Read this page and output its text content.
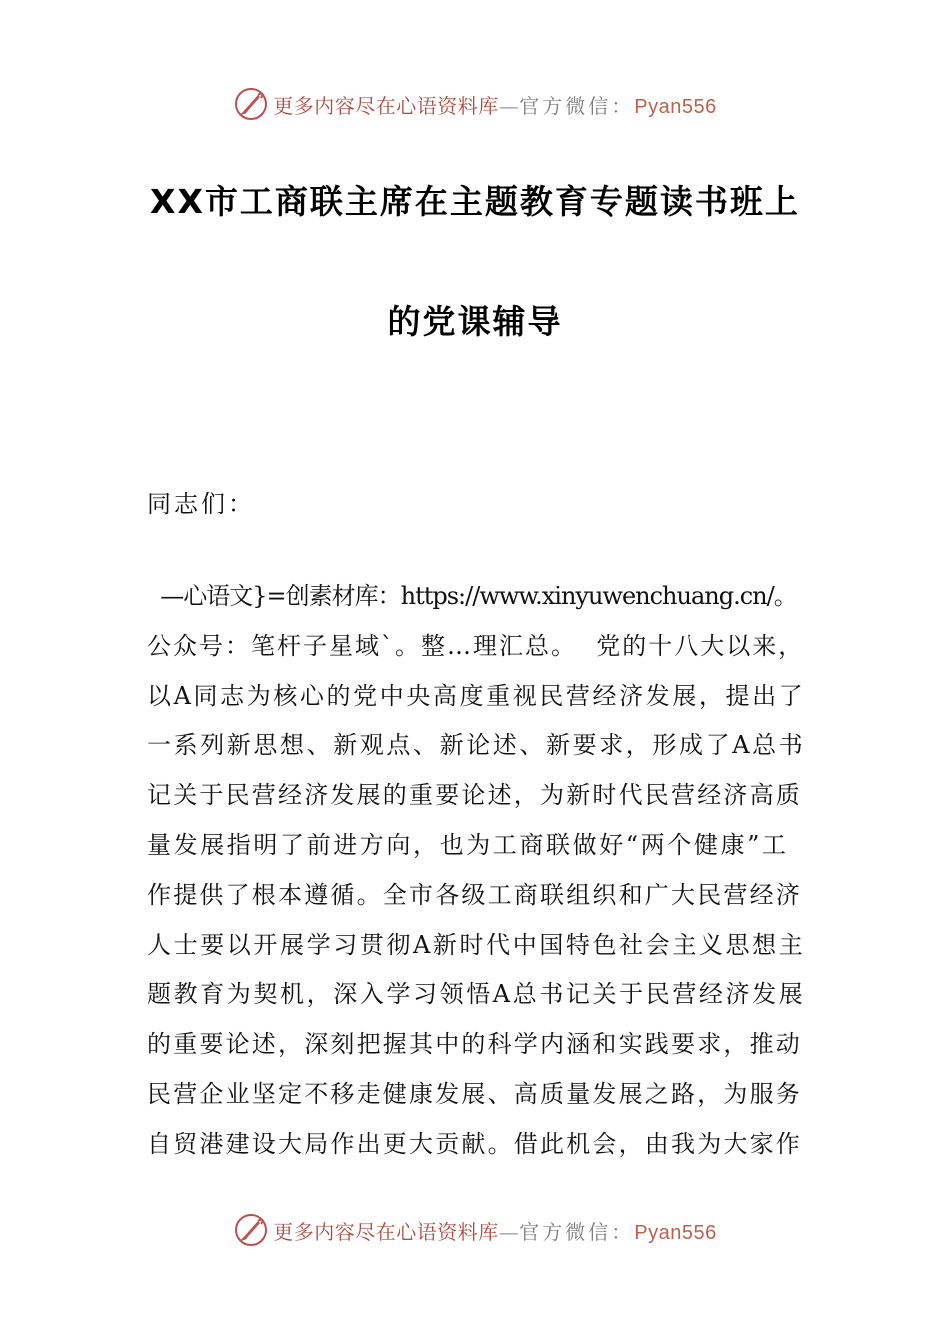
更多内容尽在心语资料库—官方微信：Pyan556
XX市工商联主席在主题教育专题读书班上
的党课辅导

同志们：

—心语文}=创素材库：https://www.xinyuwenchuang.cn/。
公众号：笔杆子星域`。整…理汇总。  党的十八大以来，
以A同志为核心的党中央高度重视民营经济发展，提出了
一系列新思想、新观点、新论述、新要求，形成了A总书
记关于民营经济发展的重要论述，为新时代民营经济高质
量发展指明了前进方向，也为工商联做好“两个健康”工
作提供了根本遵循。全市各级工商联组织和广大民营经济
人士要以开展学习贯彻A新时代中国特色社会主义思想主
题教育为契机，深入学习领悟A总书记关于民营经济发展
的重要论述，深刻把握其中的科学内涵和实践要求，推动
民营企业坚定不移走健康发展、高质量发展之路，为服务
自贸港建设大局作出更大贡献。借此机会，由我为大家作
更多内容尽在心语资料库—官方微信：Pyan556
